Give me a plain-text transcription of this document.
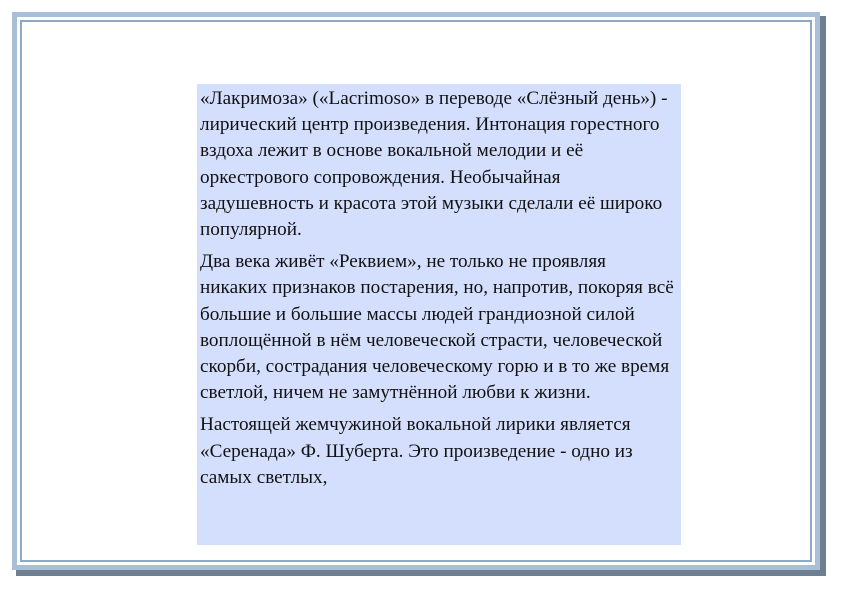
«Лакримоза» («Lacrimoso» в переводе «Слёзный день») - лирический центр произведения. Интонация горестного вздоха лежит в основе вокальной мелодии и её оркестрового сопровождения. Необычайная задушевность и красота этой музыки сделали её широко популярной.

Два века живёт «Реквием», не только не проявляя никаких признаков постарения, но, напротив, покоряя всё большие и большие массы людей грандиозной силой воплощённой в нём человеческой страсти, человеческой скорби, сострадания человеческому горю и в то же время светлой, ничем не замутнённой любви к жизни.

Настоящей жемчужиной вокальной лирики является «Серенада» Ф. Шуберта. Это произведение - одно из самых светлых,
